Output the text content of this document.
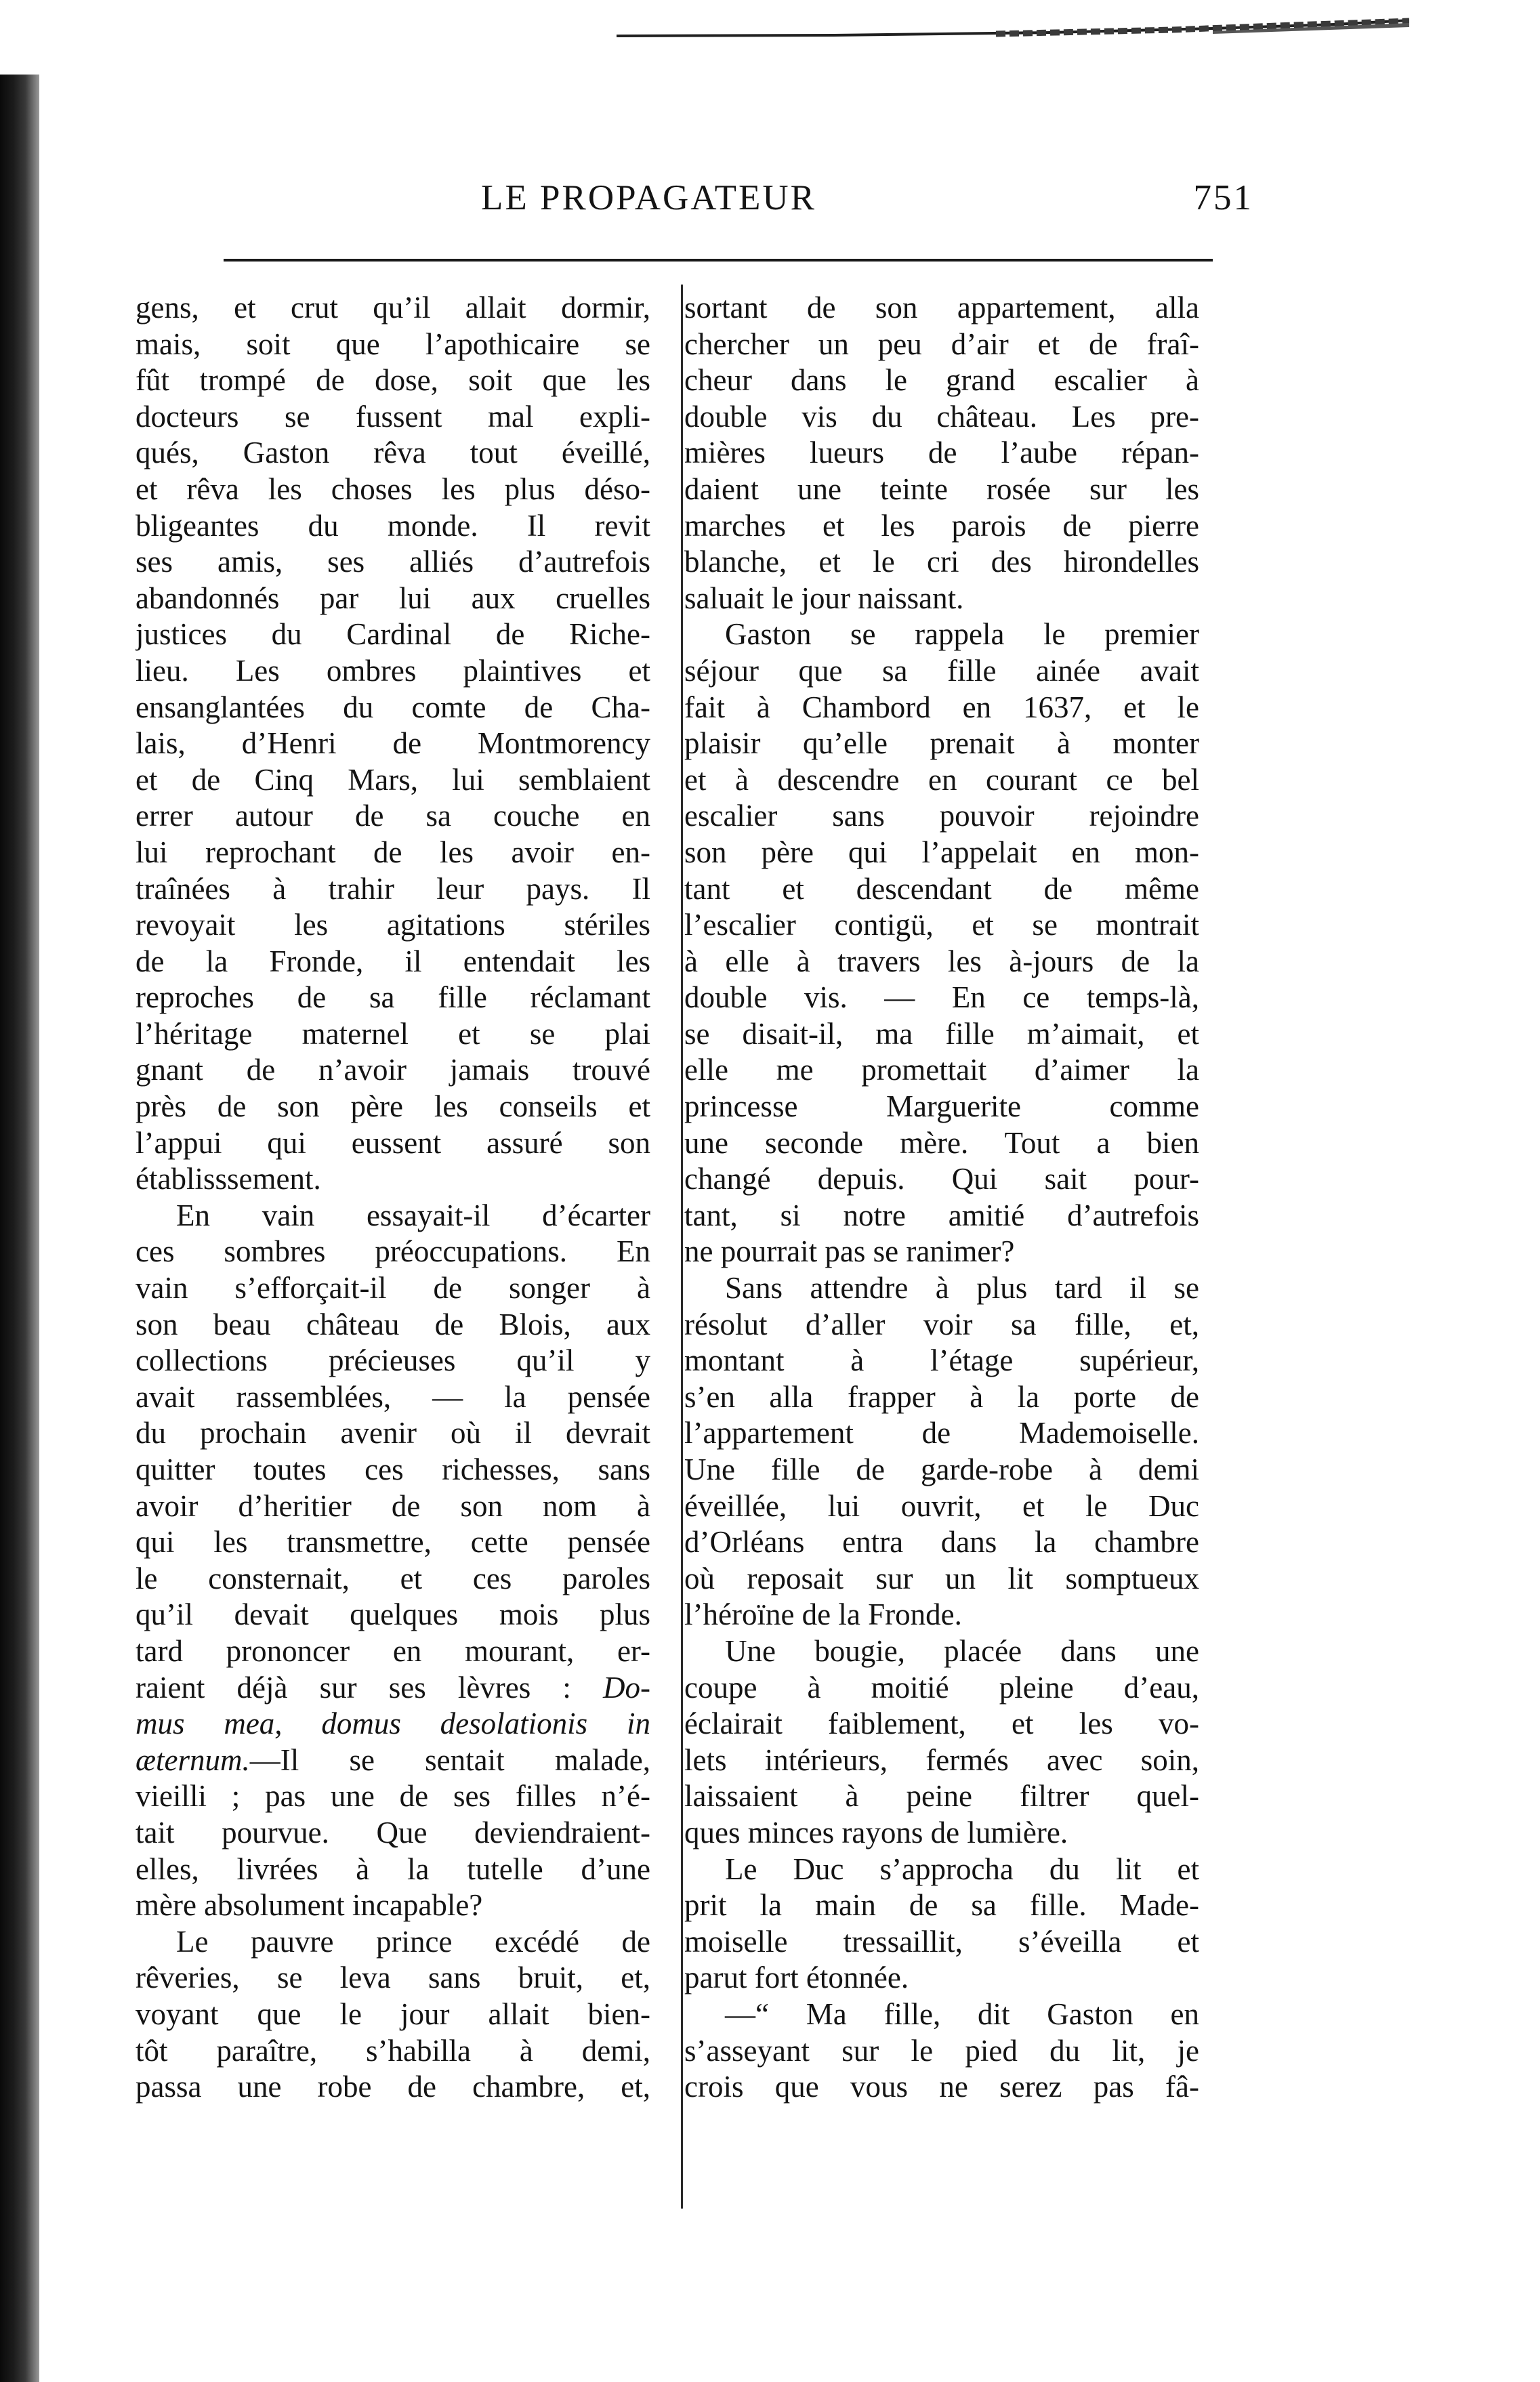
LE PROPAGATEUR	751
gens, et crut qu’il allait dormir,
mais, soit que l’apothicaire se
fût trompé de dose, soit que les
docteurs se fussent mal expli-
qués, Gaston rêva tout éveillé,
et rêva les choses les plus déso-
bligeantes du monde. Il revit
ses amis, ses alliés d’autrefois
abandonnés par lui aux cruelles
justices du Cardinal de Riche-
lieu. Les ombres plaintives et
ensanglantées du comte de Cha-
lais, d’Henri de Montmorency
et de Cinq Mars, lui semblaient
errer autour de sa couche en
lui reprochant de les avoir en-
traînées à trahir leur pays. Il
revoyait les agitations stériles
de la Fronde, il entendait les
reproches de sa fille réclamant
l’héritage maternel et se plai
gnant de n’avoir jamais trouvé
près de son père les conseils et
l’appui qui eussent assuré son
établisssement.
En vain essayait-il d’écarter
ces sombres préoccupations. En
vain s’efforçait-il de songer à
son beau château de Blois, aux
collections précieuses qu’il y
avait rassemblées, — la pensée
du prochain avenir où il devrait
quitter toutes ces richesses, sans
avoir d’heritier de son nom à
qui les transmettre, cette pensée
le consternait, et ces paroles
qu’il devait quelques mois plus
tard prononcer en mourant, er-
raient déjà sur ses lèvres : Do-
mus mea, domus desolationis in
æternum.—Il se sentait malade,
vieilli ; pas une de ses filles n’é-
tait pourvue. Que deviendraient-
elles, livrées à la tutelle d’une
mère absolument incapable?
Le pauvre prince excédé de
rêveries, se leva sans bruit, et,
voyant que le jour allait bien-
tôt paraître, s’habilla à demi,
passa une robe de chambre, et,
sortant de son appartement, alla
chercher un peu d’air et de fraî-
cheur dans le grand escalier à
double vis du château. Les pre-
mières lueurs de l’aube répan-
daient une teinte rosée sur les
marches et les parois de pierre
blanche, et le cri des hirondelles
saluait le jour naissant.
Gaston se rappela le premier
séjour que sa fille ainée avait
fait à Chambord en 1637, et le
plaisir qu’elle prenait à monter
et à descendre en courant ce bel
escalier sans pouvoir rejoindre
son père qui l’appelait en mon-
tant et descendant de même
l’escalier contigü, et se montrait
à elle à travers les à-jours de la
double vis. — En ce temps-là,
se disait-il, ma fille m’aimait, et
elle me promettait d’aimer la
princesse Marguerite comme
une seconde mère. Tout a bien
changé depuis. Qui sait pour-
tant, si notre amitié d’autrefois
ne pourrait pas se ranimer?
Sans attendre à plus tard il se
résolut d’aller voir sa fille, et,
montant à l’étage supérieur,
s’en alla frapper à la porte de
l’appartement de Mademoiselle.
Une fille de garde-robe à demi
éveillée, lui ouvrit, et le Duc
d’Orléans entra dans la chambre
où reposait sur un lit somptueux
l’héroïne de la Fronde.
Une bougie, placée dans une
coupe à moitié pleine d’eau,
éclairait faiblement, et les vo-
lets intérieurs, fermés avec soin,
laissaient à peine filtrer quel-
ques minces rayons de lumière.
Le Duc s’approcha du lit et
prit la main de sa fille. Made-
moiselle tressaillit, s’éveilla et
parut fort étonnée.
—“ Ma fille, dit Gaston en
s’asseyant sur le pied du lit, je
crois que vous ne serez pas fâ-
